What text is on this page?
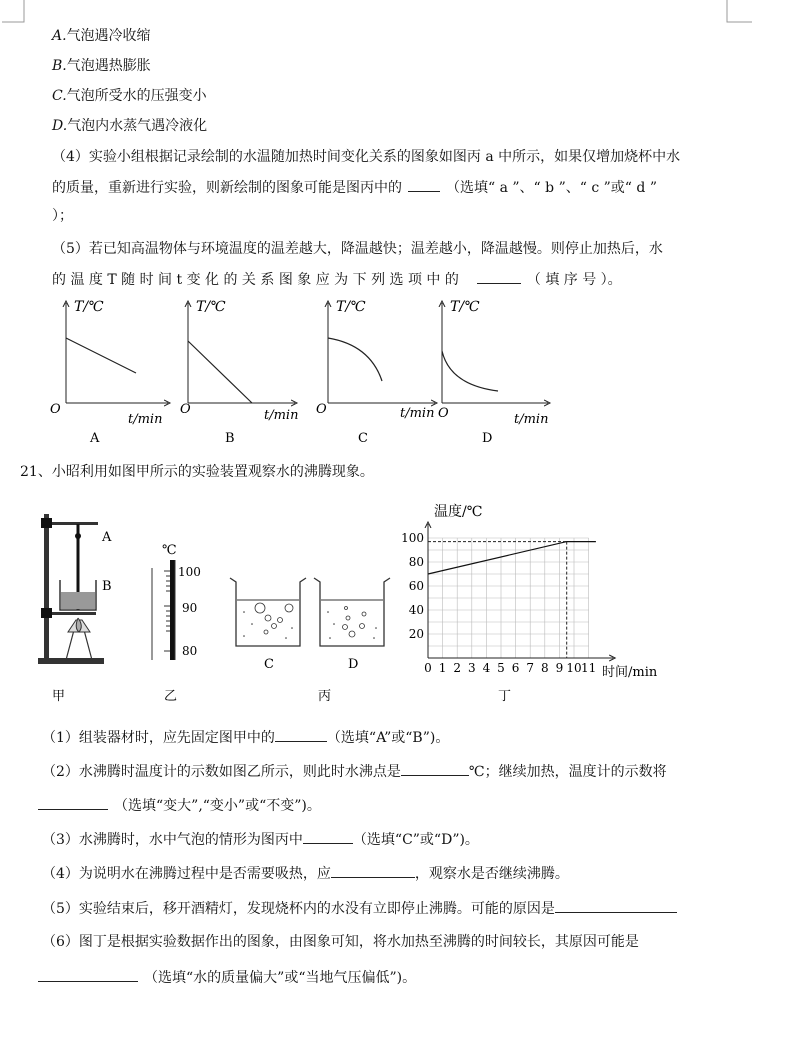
A.气泡遇冷收缩
B.气泡遇热膨胀
C.气泡所受水的压强变小
D.气泡内水蒸气遇冷液化
（4）实验小组根据记录绘制的水温随加热时间变化关系的图象如图丙 a 中所示，如果仅增加烧杯中水
的质量，重新进行实验，则新绘制的图象可能是图丙中的	（选填“ a ”、“ b ”、“ c ”或“ d ”
）；
（5）若已知高温物体与环境温度的温差越大，降温越快；温差越小，降温越慢。则停止加热后，水
的 温 度 T 随 时 间 t 变 化 的 关 系 图 象 应 为 下 列 选 项 中 的	（ 填 序 号 ）。
T/℃
O
t/min
A
T/℃
O	t/min
B
T/℃
O	t/min
C
T/℃
O	t/min
D
21、小昭利用如图甲所示的实验装置观察水的沸腾现象。
A
B
甲
℃
100
90
80
乙
C	D
丙
20
40
60
80
100
0 1 2 3 4 5 6 7 8 9 10 11
温度/℃
时间/min
丁
（1）组装器材时，应先固定图甲中的	（选填“A”或“B”)。
（2）水沸腾时温度计的示数如图乙所示，则此时水沸点是	℃；继续加热，温度计的示数将
（选填“变大”,“变小”或“不变”)。
（3）水沸腾时，水中气泡的情形为图丙中	（选填“C”或“D”)。
（4）为说明水在沸腾过程中是否需要吸热，应	，观察水是否继续沸腾。
（5）实验结束后，移开酒精灯，发现烧杯内的水没有立即停止沸腾。可能的原因是
（6）图丁是根据实验数据作出的图象，由图象可知，将水加热至沸腾的时间较长，其原因可能是
（选填“水的质量偏大”或“当地气压偏低”)。
